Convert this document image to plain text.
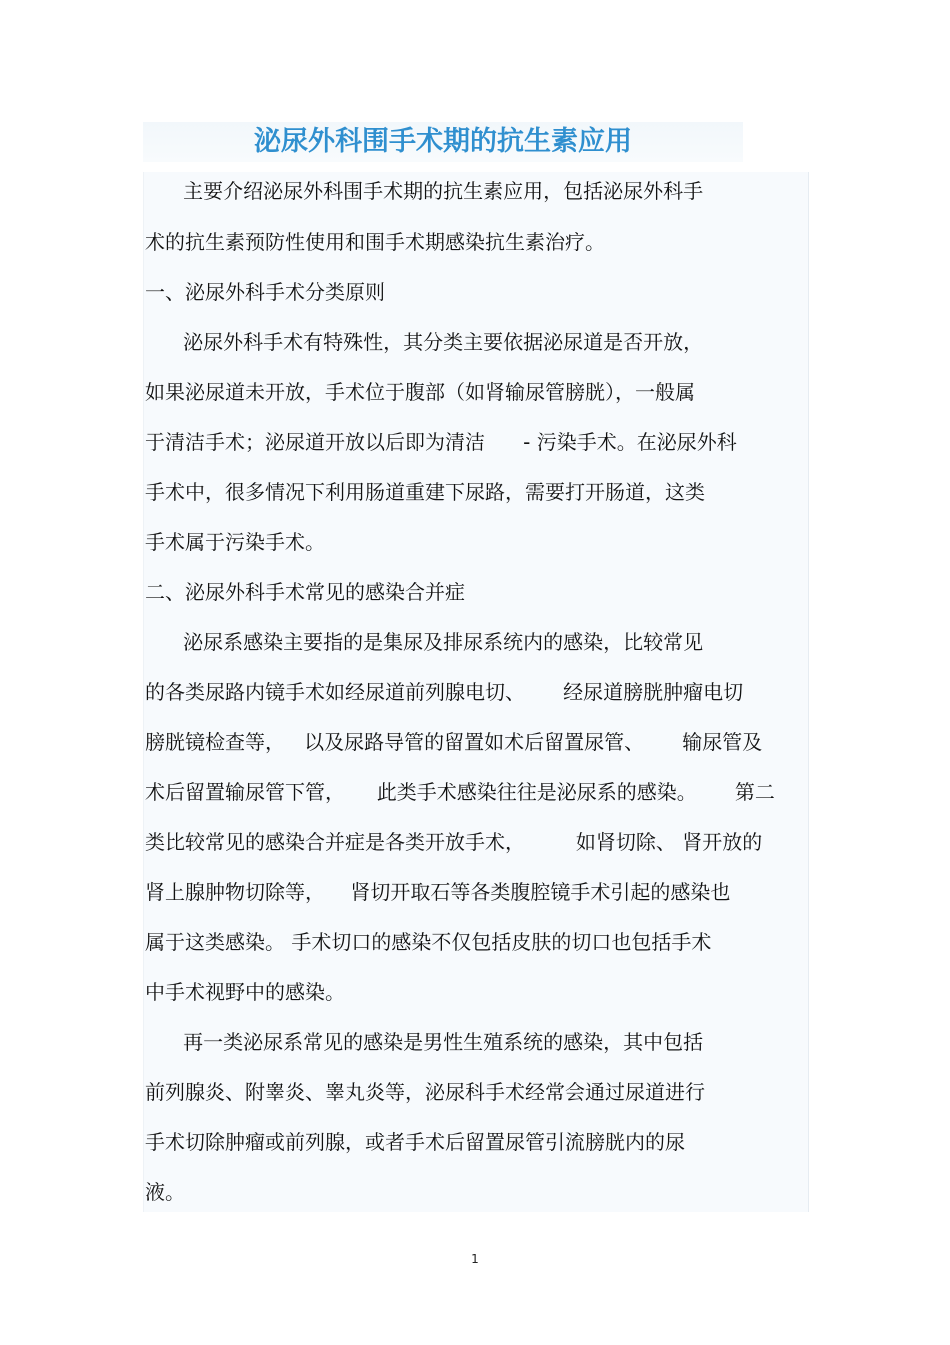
泌尿外科围手术期的抗生素应用
主要介绍泌尿外科围手术期的抗生素应用，包括泌尿外科手
术的抗生素预防性使用和围手术期感染抗生素治疗。
一、泌尿外科手术分类原则
泌尿外科手术有特殊性，其分类主要依据泌尿道是否开放，
如果泌尿道未开放，手术位于腹部（如肾输尿管膀胱），一般属
于清洁手术；泌尿道开放以后即为清洁      - 污染手术。在泌尿外科
手术中，很多情况下利用肠道重建下尿路，需要打开肠道，这类
手术属于污染手术。
二、泌尿外科手术常见的感染合并症
泌尿系感染主要指的是集尿及排尿系统内的感染，比较常见
的各类尿路内镜手术如经尿道前列腺电切、      经尿道膀胱肿瘤电切
膀胱镜检查等，   以及尿路导管的留置如术后留置尿管、      输尿管及
术后留置输尿管下管，     此类手术感染往往是泌尿系的感染。      第二
类比较常见的感染合并症是各类开放手术，        如肾切除、 肾开放的
肾上腺肿物切除等，    肾切开取石等各类腹腔镜手术引起的感染也
属于这类感染。 手术切口的感染不仅包括皮肤的切口也包括手术
中手术视野中的感染。
再一类泌尿系常见的感染是男性生殖系统的感染，其中包括
前列腺炎、附睾炎、睾丸炎等，泌尿科手术经常会通过尿道进行
手术切除肿瘤或前列腺，或者手术后留置尿管引流膀胱内的尿
液。
1
